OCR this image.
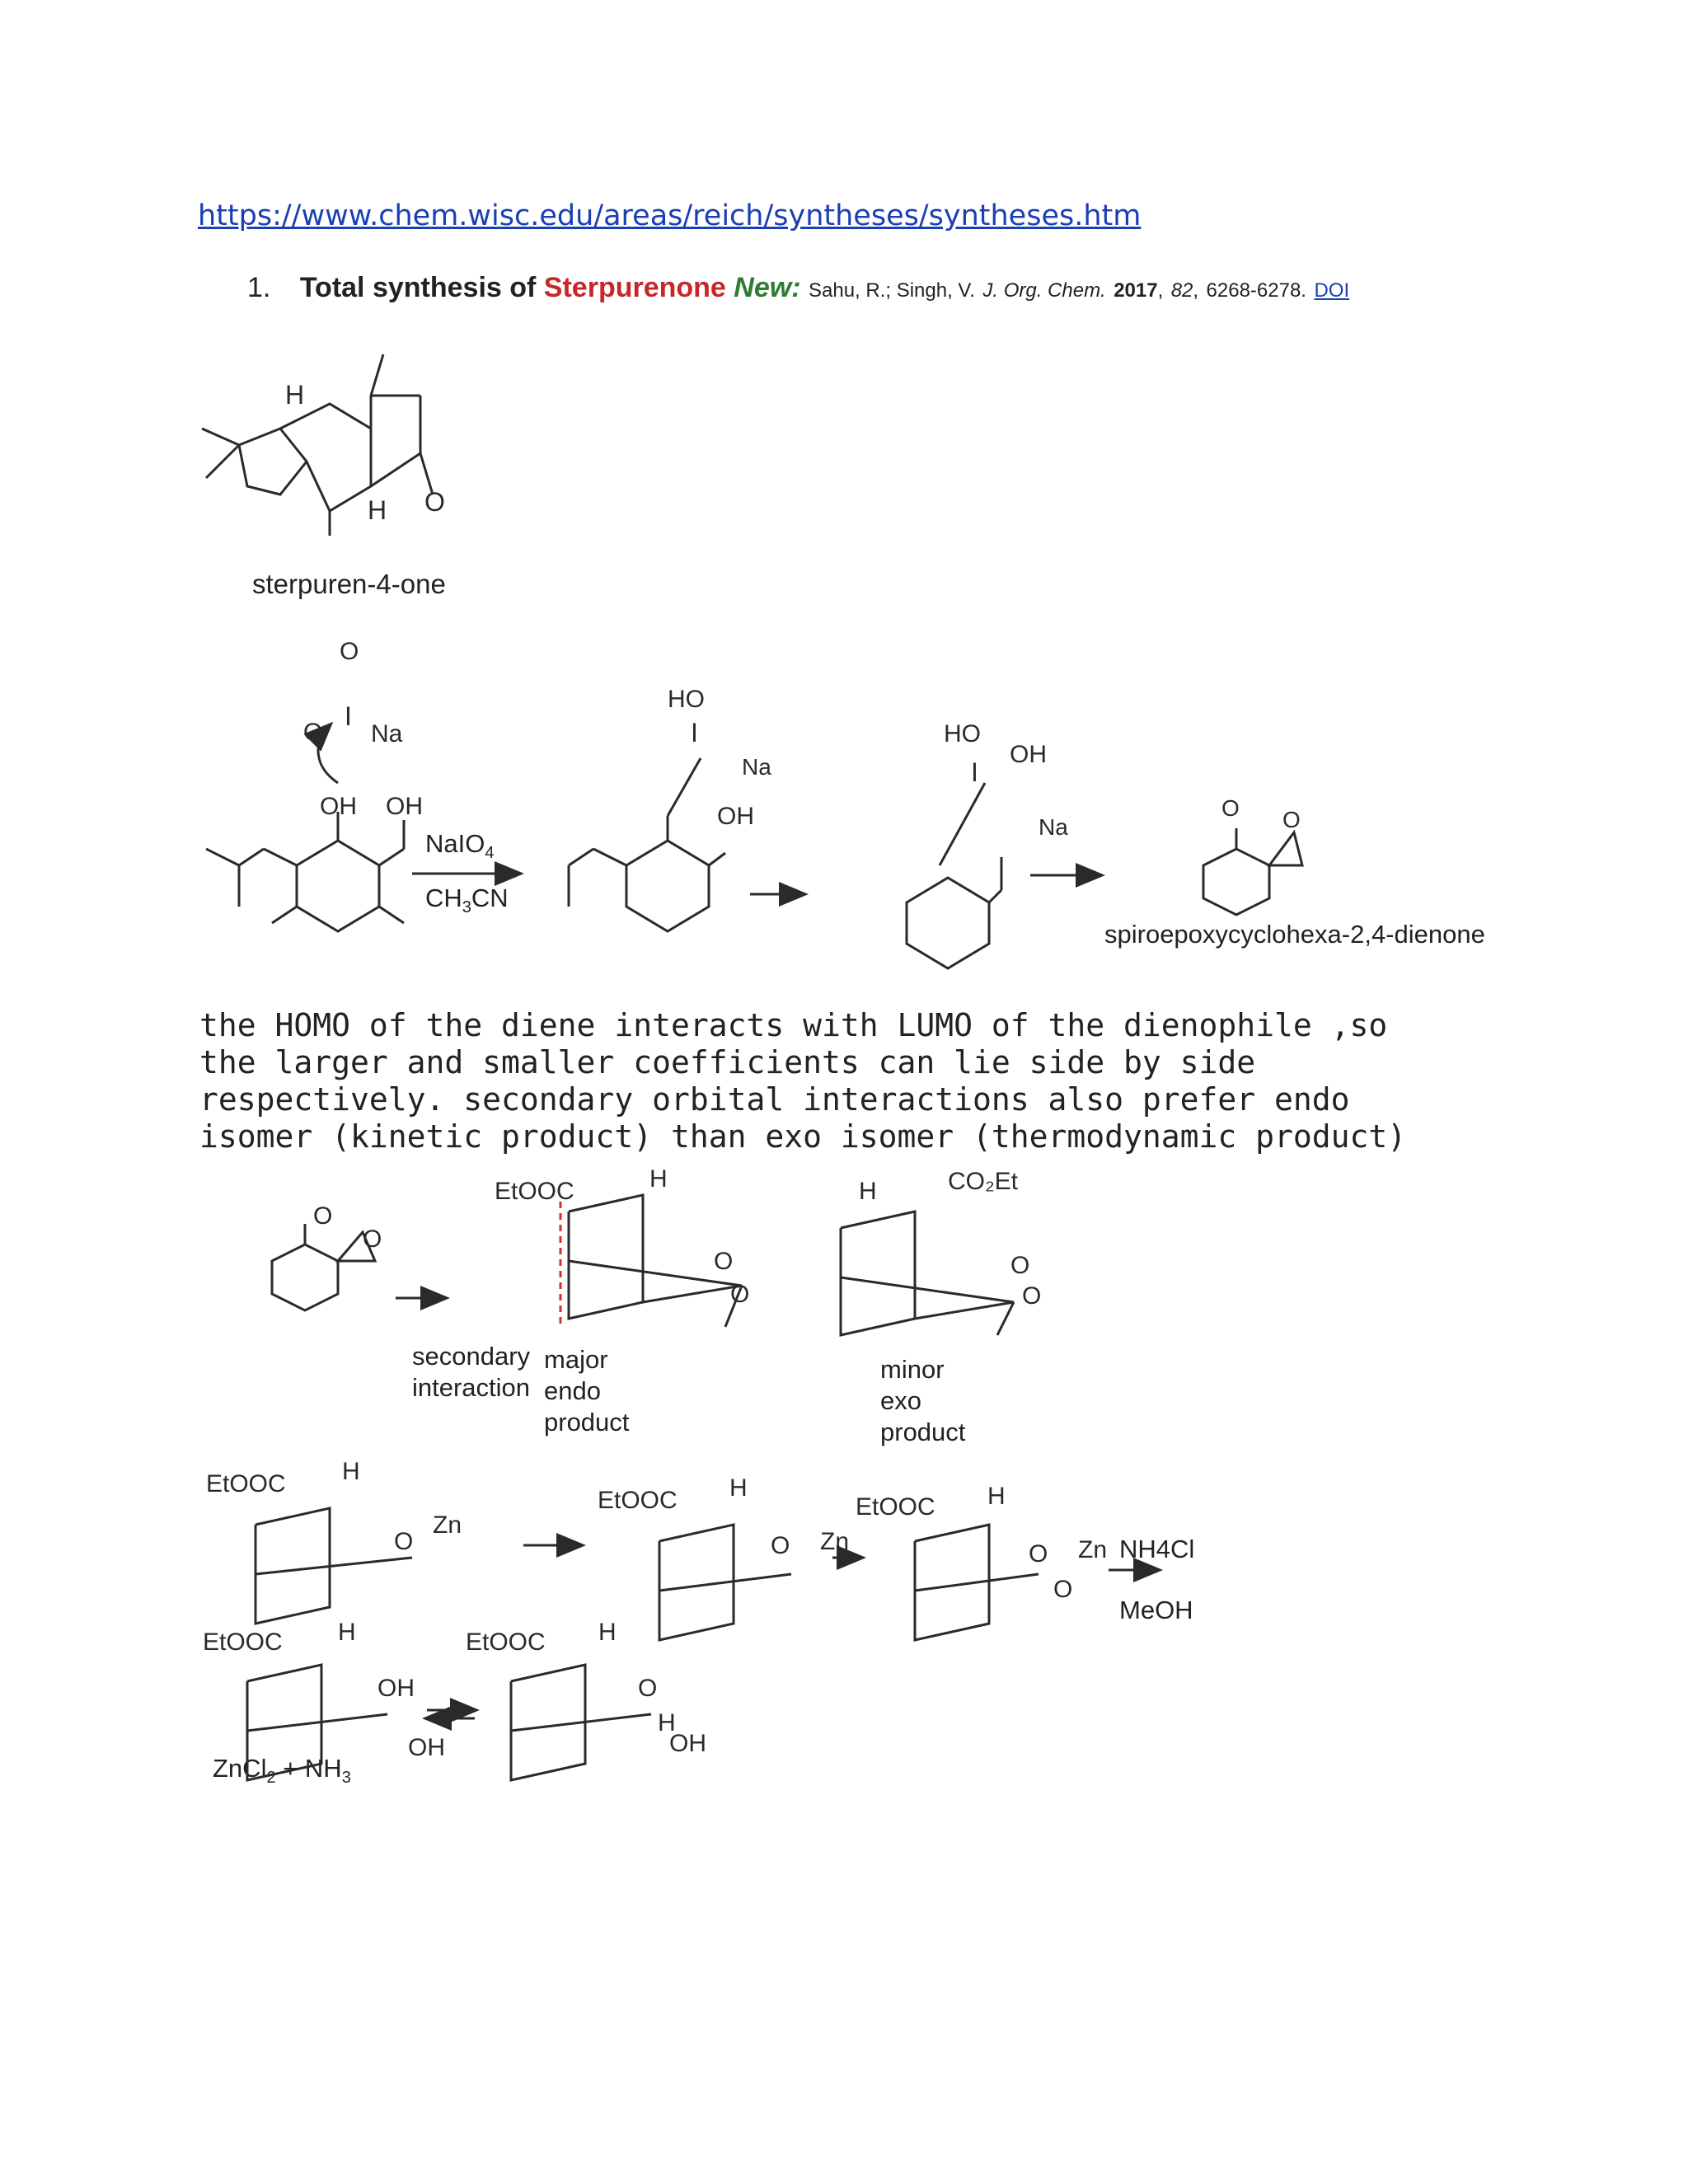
https://www.chem.wisc.edu/areas/reich/syntheses/syntheses.htm
1. Total synthesis of Sterpurenone New: Sahu, R.; Singh, V. J. Org. Chem. 2017, 82, 6268-6278. DOI
the HOMO of the diene interacts with LUMO of the dienophile ,so
the larger and smaller coefficients can lie side by side
respectively. secondary orbital interactions also prefer endo
isomer (kinetic product) than exo isomer (thermodynamic product)
sterpuren-4-one
NaIO$_4$
$CH_3CN$
spiroepoxycyclohexa-2,4-dienone
secondary
interaction
major
endo
product
minor
exo
product
NH4Cl
MeOH
ZnCl$_2$ + $NH_3$
H
H O
OH OH
O Na
O
I
HO
I
OH
Na
HO
I
OH
Na
O O
O
O
EtOOC	H
O
O
H	CO₂Et
O
O
EtOOC H
O
Zn
EtOOC H
O Zn
EtOOC H
O Zn
O
EtOOC H
OH
OH
EtOOC H
O
H
OH
